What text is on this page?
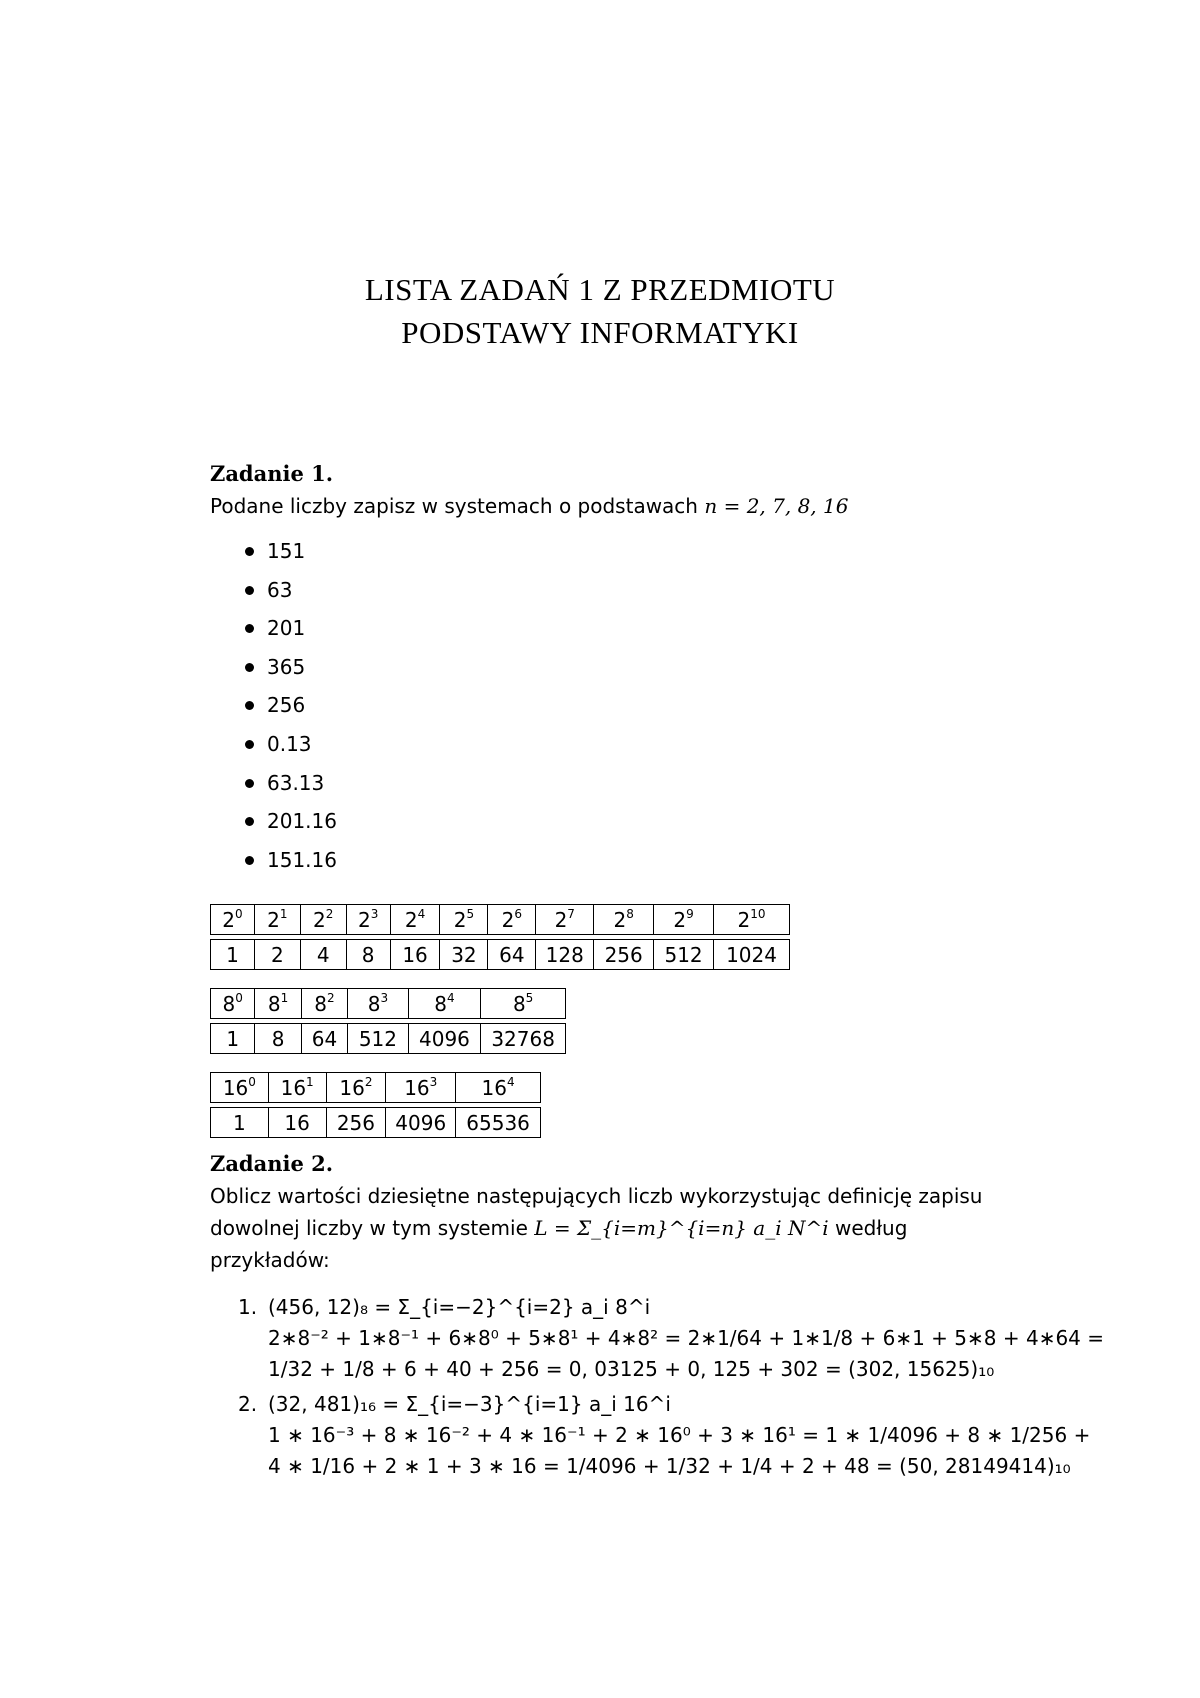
LISTA ZADAŃ 1 Z PRZEDMIOTU
PODSTAWY INFORMATYKI

Zadanie 1.

Podane liczby zapisz w systemach o podstawach n = 2, 7, 8, 16

151
63
201
365
256
0.13
63.13
201.16
151.16
$2^0$	$2^1$	$2^2$	$2^3$	$2^4$	$2^5$	$2^6$	$2^7$	$2^8$	$2^9$	$2^{10}$

1	2	4	8	16	32	64	128	256	512	1024
$8^0$	$8^1$	$8^2$	$8^3$	$8^4$	$8^5$

1	8	64	512	4096	32768
$16^0$	$16^1$	$16^2$	$16^3$	$16^4$

1	16	256	4096	65536

Zadanie 2.

Oblicz wartości dziesiętne następujących liczb wykorzystując definicję zapisu

dowolnej liczby w tym systemie L = Σ_{i=m}^{i=n} a_i N^i według przykładów:

1. (456, 12)₈ = Σ_{i=−2}^{i=2} a_i 8^i
2∗8⁻² + 1∗8⁻¹ + 6∗8⁰ + 5∗8¹ + 4∗8² = 2∗1/64 + 1∗1/8 + 6∗1 + 5∗8 + 4∗64 =
1/32 + 1/8 + 6 + 40 + 256 = 0, 03125 + 0, 125 + 302 = (302, 15625)₁₀
2. (32, 481)₁₆ = Σ_{i=−3}^{i=1} a_i 16^i
1 ∗ 16⁻³ + 8 ∗ 16⁻² + 4 ∗ 16⁻¹ + 2 ∗ 16⁰ + 3 ∗ 16¹ = 1 ∗ 1/4096 + 8 ∗ 1/256 +
4 ∗ 1/16 + 2 ∗ 1 + 3 ∗ 16 = 1/4096 + 1/32 + 1/4 + 2 + 48 = (50, 28149414)₁₀
